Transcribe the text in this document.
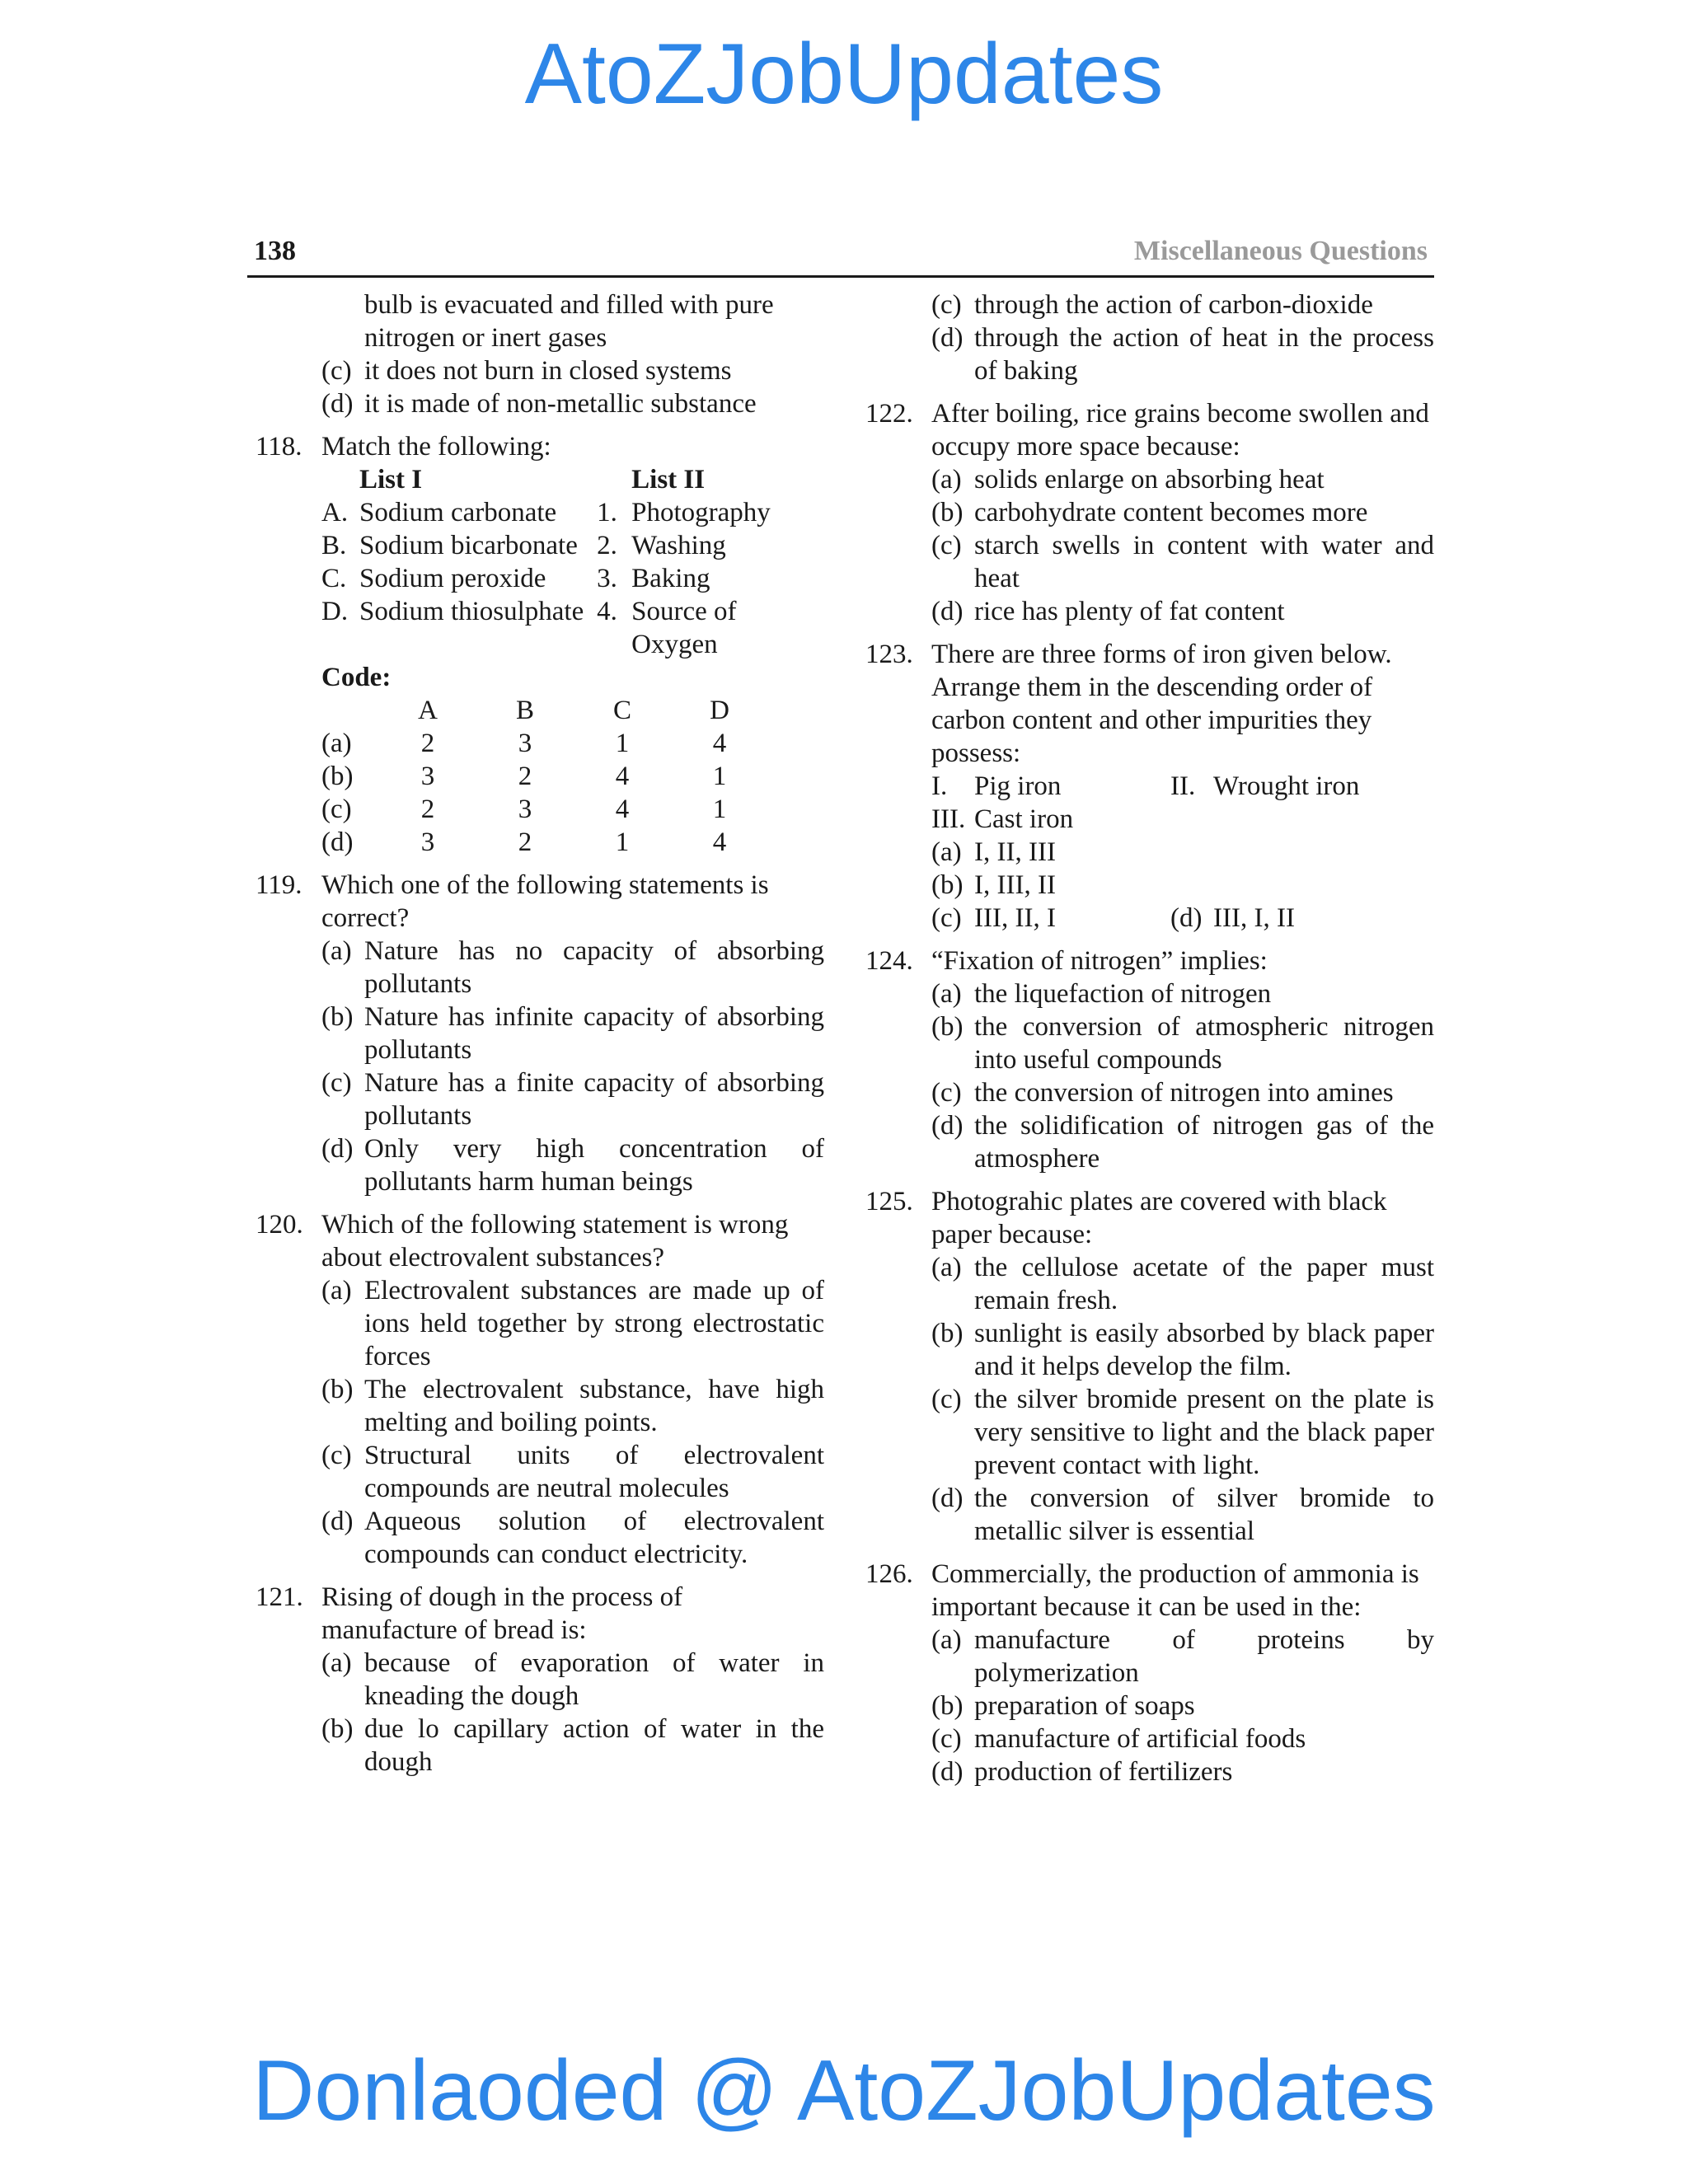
AtoZJobUpdates
138	Miscellaneous Questions
bulb is evacuated and filled with pure
nitrogen or inert gases
(c) it does not burn in closed systems
(d) it is made of non-metallic substance
118. Match the following:
List I	List II
A. Sodium carbonate	1. Photography
B. Sodium bicarbonate 2. Washing
C. Sodium peroxide	3. Baking
D. Sodium thiosulphate 4. Source of Oxygen
Code:
A	B	C	D
(a)	2	3	1	4
(b)	3	2	4	1
(c)	2	3	4	1
(d)	3	2	1	4
119. Which one of the following statements is correct?
(a) Nature has no capacity of absorbing pollutants
(b) Nature has infinite capacity of absorbing pollutants
(c) Nature has a finite capacity of absorbing pollutants
(d) Only very high concentration of pollutants harm human beings
120. Which of the following statement is wrong about electrovalent substances?
(a) Electrovalent substances are made up of ions held together by strong electrostatic forces
(b) The electrovalent substance, have high melting and boiling points.
(c) Structural units of electrovalent compounds are neutral molecules
(d) Aqueous solution of electrovalent compounds can conduct electricity.
121. Rising of dough in the process of manufacture of bread is:
(a) because of evaporation of water in kneading the dough
(b) due lo capillary action of water in the dough
(c) through the action of carbon-dioxide
(d) through the action of heat in the process of baking
122. After boiling, rice grains become swollen and occupy more space because:
(a) solids enlarge on absorbing heat
(b) carbohydrate content becomes more
(c) starch swells in content with water and heat
(d) rice has plenty of fat content
123. There are three forms of iron given below. Arrange them in the descending order of carbon content and other impurities they possess:
I. Pig iron	II. Wrought iron
III. Cast iron
(a) I, II, III
(b) I, III, II
(c) III, II, I	(d) III, I, II
124. “Fixation of nitrogen” implies:
(a) the liquefaction of nitrogen
(b) the conversion of atmospheric nitrogen into useful compounds
(c) the conversion of nitrogen into amines
(d) the solidification of nitrogen gas of the atmosphere
125. Photograhic plates are covered with black paper because:
(a) the cellulose acetate of the paper must remain fresh.
(b) sunlight is easily absorbed by black paper and it helps develop the film.
(c) the silver bromide present on the plate is very sensitive to light and the black paper prevent contact with light.
(d) the conversion of silver bromide to metallic silver is essential
126. Commercially, the production of ammonia is important because it can be used in the:
(a) manufacture of proteins by polymerization
(b) preparation of soaps
(c) manufacture of artificial foods
(d) production of fertilizers
Donlaoded @ AtoZJobUpdates
